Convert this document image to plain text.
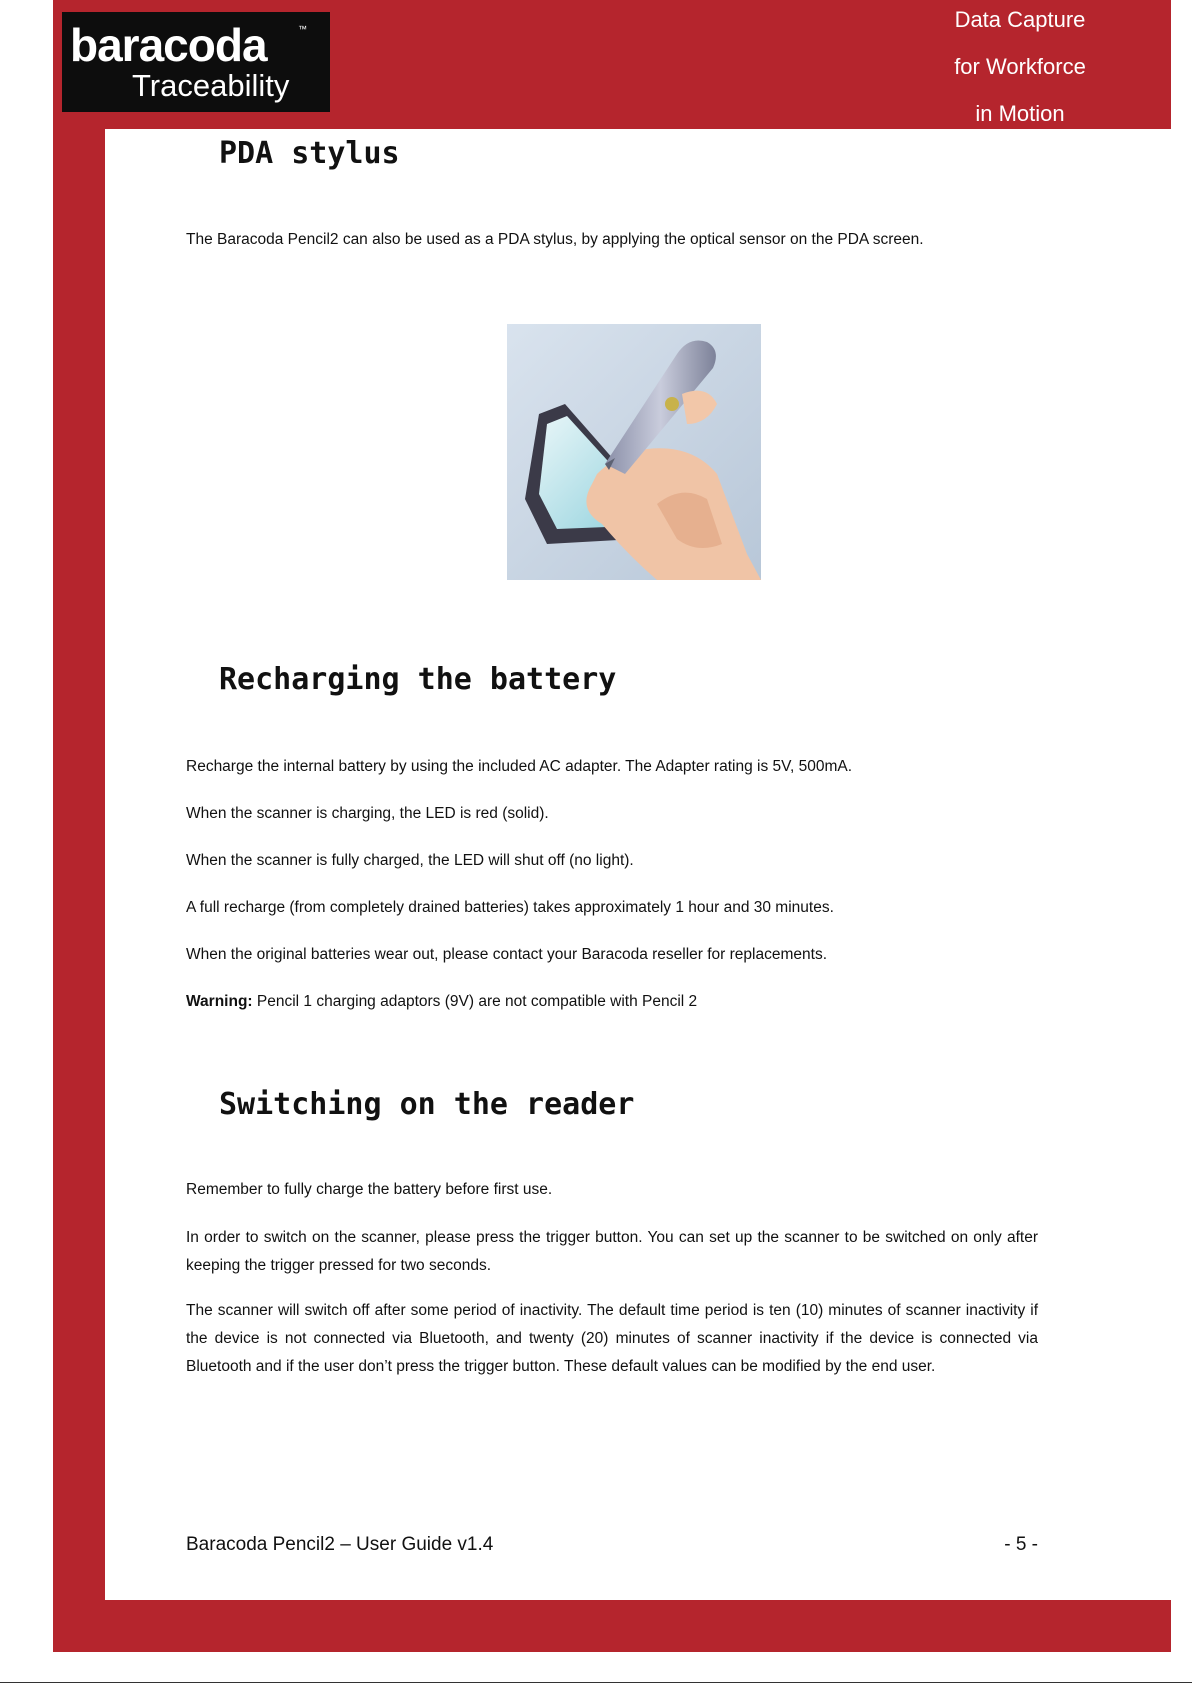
baracoda	™
Traceability
Data Capture
for Workforce
in Motion
PDA stylus

The Baracoda Pencil2 can also be used as a PDA stylus, by applying the optical sensor on the PDA screen.

Recharging the battery

Recharge the internal battery by using the included AC adapter. The Adapter rating is 5V, 500mA.

When the scanner is charging, the LED is red (solid).

When the scanner is fully charged, the LED will shut off (no light).

A full recharge (from completely drained batteries) takes approximately 1 hour and 30 minutes.

When the original batteries wear out, please contact your Baracoda reseller for replacements.

Warning: Pencil 1 charging adaptors (9V) are not compatible with Pencil 2

Switching on the reader

Remember to fully charge the battery before first use.

In order to switch on the scanner, please press the trigger button. You can set up the scanner to be switched on only after keeping the trigger pressed for two seconds.

The scanner will switch off after some period of inactivity. The default time period is ten (10) minutes of scanner inactivity if the device is not connected via Bluetooth, and twenty (20) minutes of scanner inactivity if the device is connected via Bluetooth and if the user don’t press the trigger button. These default values can be modified by the end user.

Baracoda Pencil2 – User Guide v1.4	- 5 -
